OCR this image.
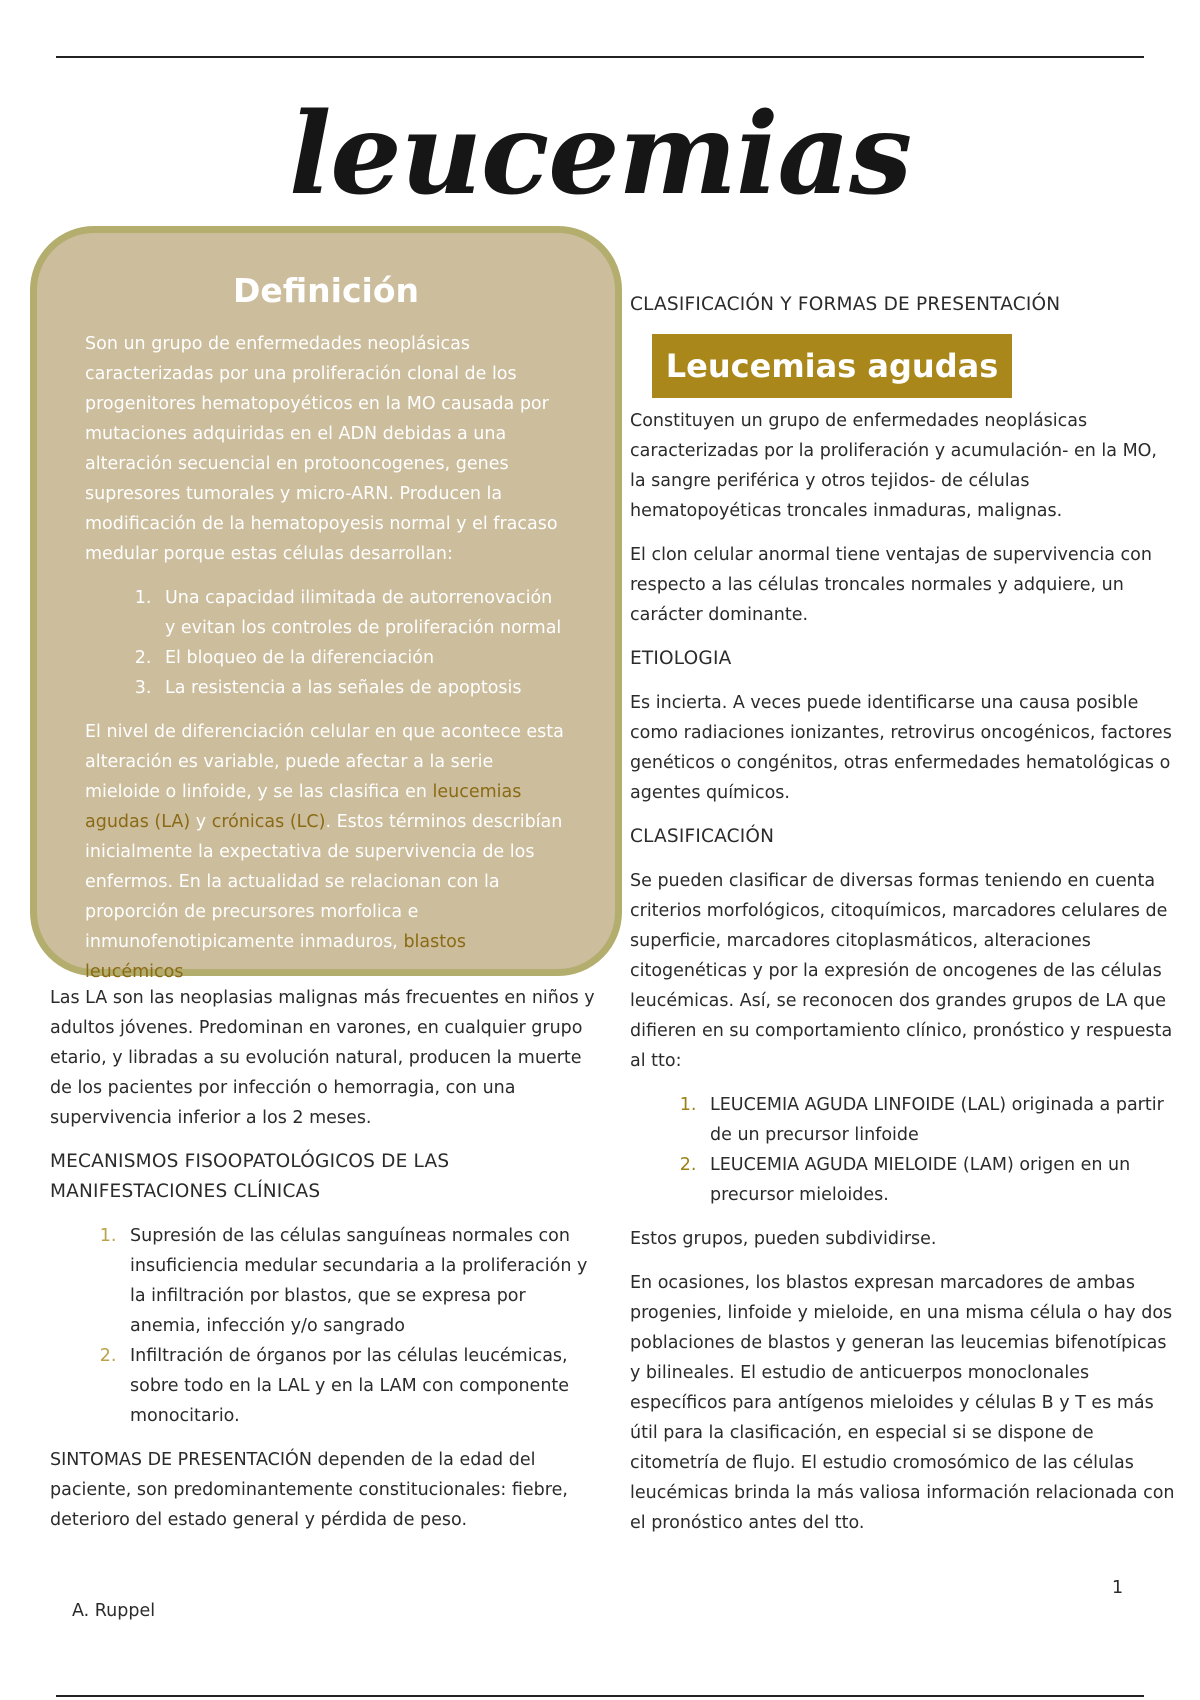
leucemias
Definición

Son un grupo de enfermedades neoplásicas caracterizadas por una proliferación clonal de los progenitores hematopoyéticos en la MO causada por mutaciones adquiridas en el ADN debidas a una alteración secuencial en protooncogenes, genes supresores tumorales y micro-ARN. Producen la modificación de la hematopoyesis normal y el fracaso medular porque estas células desarrollan:

1. Una capacidad ilimitada de autorrenovación y evitan los controles de proliferación normal
2. El bloqueo de la diferenciación
3. La resistencia a las señales de apoptosis

El nivel de diferenciación celular en que acontece esta alteración es variable, puede afectar a la serie mieloide o linfoide, y se las clasifica en leucemias agudas (LA) y crónicas (LC). Estos términos describían inicialmente la expectativa de supervivencia de los enfermos. En la actualidad se relacionan con la proporción de precursores morfolica e inmunofenotipicamente inmaduros, blastos leucémicos

Las LA son las neoplasias malignas más frecuentes en niños y adultos jóvenes. Predominan en varones, en cualquier grupo etario, y libradas a su evolución natural, producen la muerte de los pacientes por infección o hemorragia, con una supervivencia inferior a los 2 meses.

MECANISMOS FISOOPATOLÓGICOS DE LAS MANIFESTACIONES CLÍNICAS
1. Supresión de las células sanguíneas normales con insuficiencia medular secundaria a la proliferación y la infiltración por blastos, que se expresa por anemia, infección y/o sangrado
2. Infiltración de órganos por las células leucémicas, sobre todo en la LAL y en la LAM con componente monocitario.

SINTOMAS DE PRESENTACIÓN dependen de la edad del paciente, son predominantemente constitucionales: fiebre, deterioro del estado general y pérdida de peso.

CLASIFICACIÓN Y FORMAS DE PRESENTACIÓN
Leucemias agudas

Constituyen un grupo de enfermedades neoplásicas caracterizadas por la proliferación y acumulación- en la MO, la sangre periférica y otros tejidos- de células hematopoyéticas troncales inmaduras, malignas.

El clon celular anormal tiene ventajas de supervivencia con respecto a las células troncales normales y adquiere, un carácter dominante.

ETIOLOGIA

Es incierta. A veces puede identificarse una causa posible como radiaciones ionizantes, retrovirus oncogénicos, factores genéticos o congénitos, otras enfermedades hematológicas o agentes químicos.

CLASIFICACIÓN

Se pueden clasificar de diversas formas teniendo en cuenta criterios morfológicos, citoquímicos, marcadores celulares de superficie, marcadores citoplasmáticos, alteraciones citogenéticas y por la expresión de oncogenes de las células leucémicas. Así, se reconocen dos grandes grupos de LA que difieren en su comportamiento clínico, pronóstico y respuesta al tto:

1. LEUCEMIA AGUDA LINFOIDE (LAL) originada a partir de un precursor linfoide
2. LEUCEMIA AGUDA MIELOIDE (LAM) origen en un precursor mieloides.

Estos grupos, pueden subdividirse.

En ocasiones, los blastos expresan marcadores de ambas progenies, linfoide y mieloide, en una misma célula o hay dos poblaciones de blastos y generan las leucemias bifenotípicas y bilineales. El estudio de anticuerpos monoclonales específicos para antígenos mieloides y células B y T es más útil para la clasificación, en especial si se dispone de citometría de flujo. El estudio cromosómico de las células leucémicas brinda la más valiosa información relacionada con el pronóstico antes del tto.

1
A. Ruppel
